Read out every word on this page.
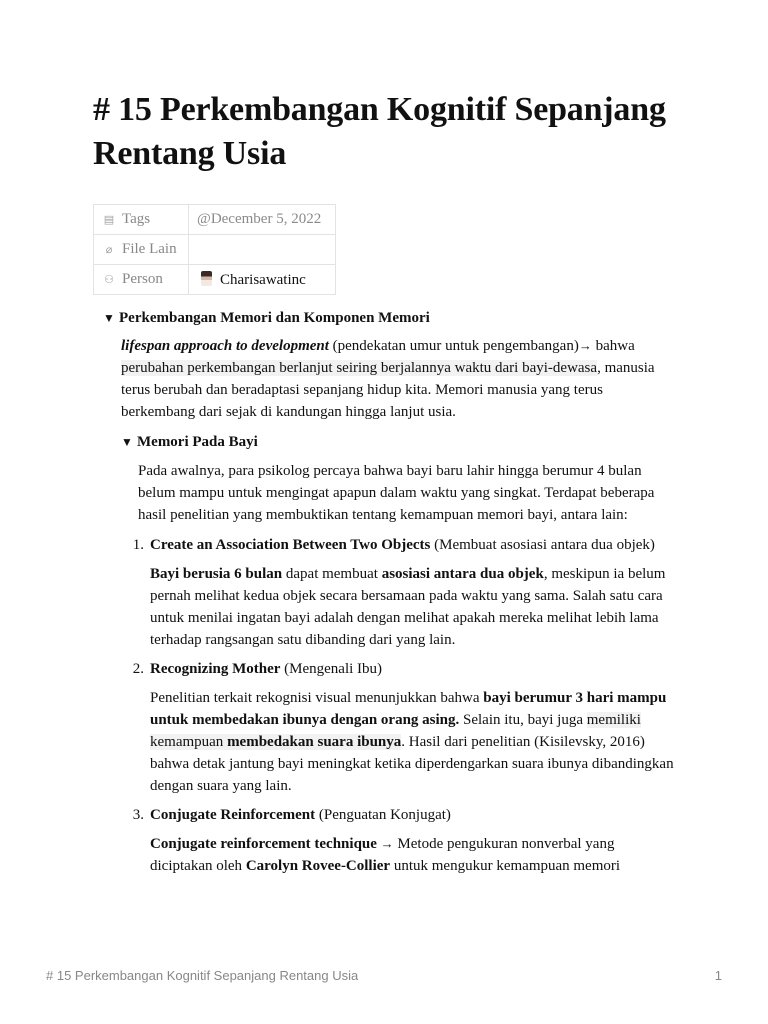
# 15 Perkembangan Kognitif Sepanjang Rentang Usia
▤ Tags	@December 5, 2022
⌀ File Lain	
⚇ Person	Charisawatinc
▼ Perkembangan Memori dan Komponen Memori
lifespan approach to development (pendekatan umur untuk pengembangan)→ bahwa perubahan perkembangan berlanjut seiring berjalannya waktu dari bayi-dewasa, manusia terus berubah dan beradaptasi sepanjang hidup kita. Memori manusia yang terus berkembang dari sejak di kandungan hingga lanjut usia.
▼ Memori Pada Bayi
Pada awalnya, para psikolog percaya bahwa bayi baru lahir hingga berumur 4 bulan belum mampu untuk mengingat apapun dalam waktu yang singkat. Terdapat beberapa hasil penelitian yang membuktikan tentang kemampuan memori bayi, antara lain:
1. Create an Association Between Two Objects (Membuat asosiasi antara dua objek)
Bayi berusia 6 bulan dapat membuat asosiasi antara dua objek, meskipun ia belum pernah melihat kedua objek secara bersamaan pada waktu yang sama. Salah satu cara untuk menilai ingatan bayi adalah dengan melihat apakah mereka melihat lebih lama terhadap rangsangan satu dibanding dari yang lain.
2. Recognizing Mother (Mengenali Ibu)
Penelitian terkait rekognisi visual menunjukkan bahwa bayi berumur 3 hari mampu untuk membedakan ibunya dengan orang asing. Selain itu, bayi juga memiliki kemampuan membedakan suara ibunya. Hasil dari penelitian (Kisilevsky, 2016) bahwa detak jantung bayi meningkat ketika diperdengarkan suara ibunya dibandingkan dengan suara yang lain.
3. Conjugate Reinforcement (Penguatan Konjugat)
Conjugate reinforcement technique → Metode pengukuran nonverbal yang diciptakan oleh Carolyn Rovee-Collier untuk mengukur kemampuan memori
# 15 Perkembangan Kognitif Sepanjang Rentang Usia	1
